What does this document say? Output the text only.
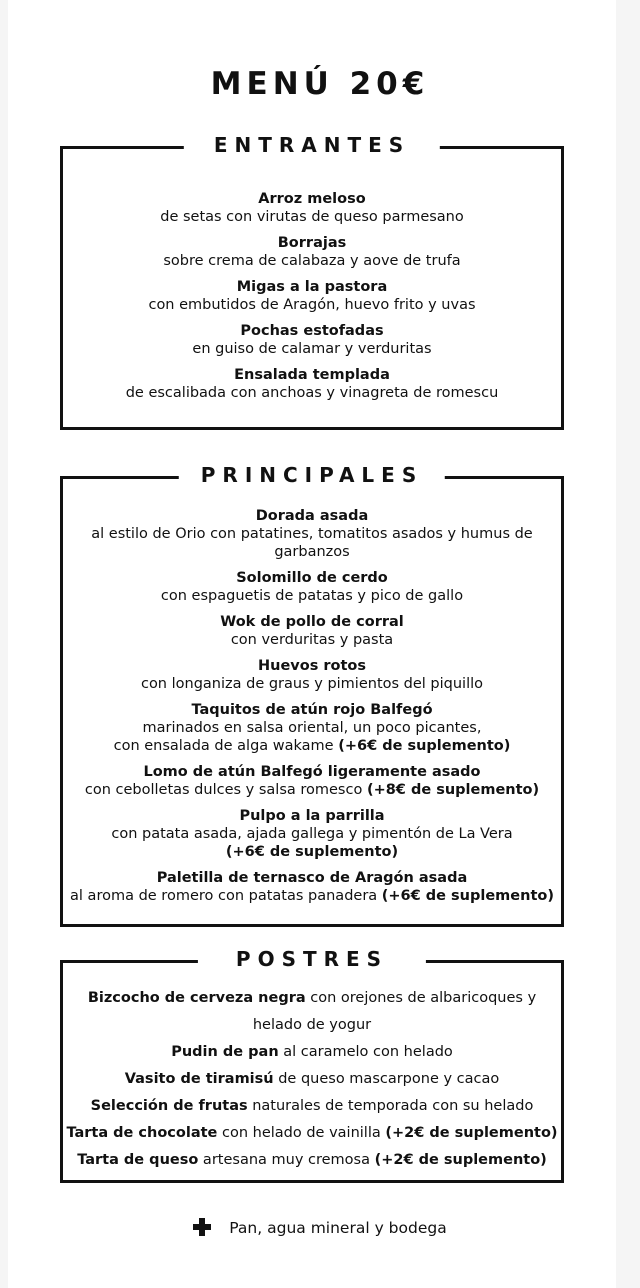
MENÚ 20€
ENTRANTES
Arroz meloso
de setas con virutas de queso parmesano
Borrajas
sobre crema de calabaza y aove de trufa
Migas a la pastora
con embutidos de Aragón, huevo frito y uvas
Pochas estofadas
en guiso de calamar y verduritas
Ensalada templada
de escalibada con anchoas y vinagreta de romescu
PRINCIPALES
Dorada asada
al estilo de Orio con patatines, tomatitos asados y humus de garbanzos
Solomillo de cerdo
con espaguetis de patatas y pico de gallo
Wok de pollo de corral
con verduritas y pasta
Huevos rotos
con longaniza de graus y pimientos del piquillo
Taquitos de atún rojo Balfegó
marinados en salsa oriental, un poco picantes,
con ensalada de alga wakame (+6€ de suplemento)
Lomo de atún Balfegó ligeramente asado
con cebolletas dulces y salsa romesco (+8€ de suplemento)
Pulpo a la parrilla
con patata asada, ajada gallega y pimentón de La Vera
(+6€ de suplemento)
Paletilla de ternasco de Aragón asada
al aroma de romero con patatas panadera (+6€ de suplemento)
POSTRES
Bizcocho de cerveza negra con orejones de albaricoques y
helado de yogur
Pudin de pan al caramelo con helado
Vasito de tiramisú de queso mascarpone y cacao
Selección de frutas naturales de temporada con su helado
Tarta de chocolate con helado de vainilla (+2€ de suplemento)
Tarta de queso artesana muy cremosa (+2€ de suplemento)
Pan, agua mineral y bodega
